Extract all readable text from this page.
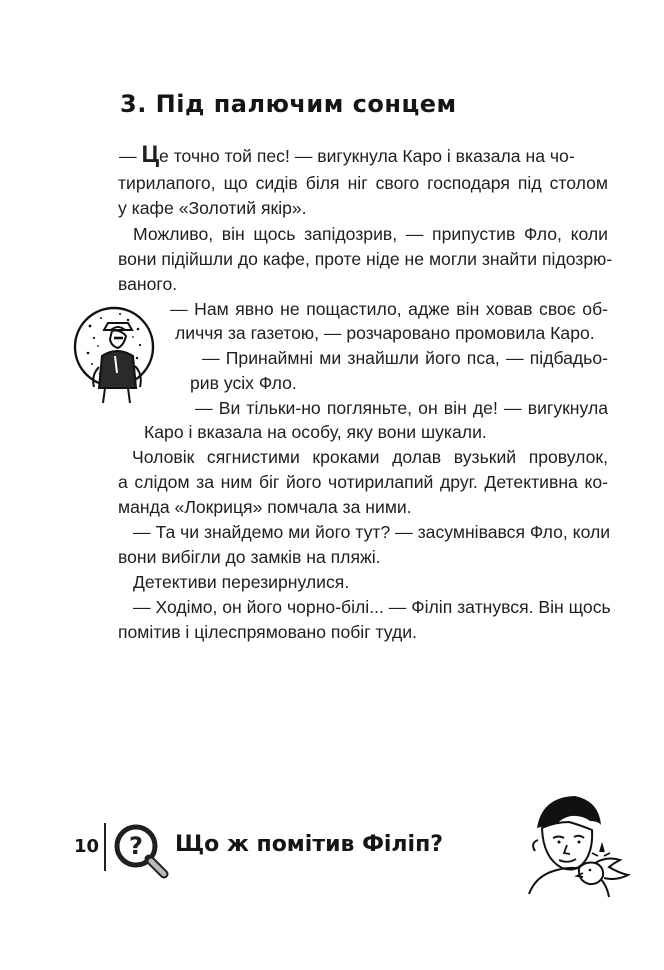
3. Під палючим сонцем
— Це точно той пес! — вигукнула Каро і вказала на чо-

тирилапого, що сидів біля ніг свого господаря під столом

у кафе «Золотий якір».

Можливо, він щось запідозрив, — припустив Фло, коли

вони підійшли до кафе, проте ніде не могли знайти підозрю-

ваного.

— Нам явно не пощастило, адже він ховав своє об-

личчя за газетою, — розчаровано промовила Каро.

— Принаймні ми знайшли його пса, — підбадьо-

рив усіх Фло.

— Ви тільки-но погляньте, он він де! — вигукнула

Каро і вказала на особу, яку вони шукали.

Чоловік сягнистими кроками долав вузький провулок,

а слідом за ним біг його чотирилапий друг. Детективна ко-

манда «Локриця» помчала за ними.

— Та чи знайдемо ми його тут? — засумнівався Фло, коли

вони вибігли до замків на пляжі.

Детективи перезирнулися.

— Ходімо, он його чорно-білі... — Філіп затнувся. Він щось

помітив і цілеспрямовано побіг туди.

10 ? Що ж помітив Філіп?
